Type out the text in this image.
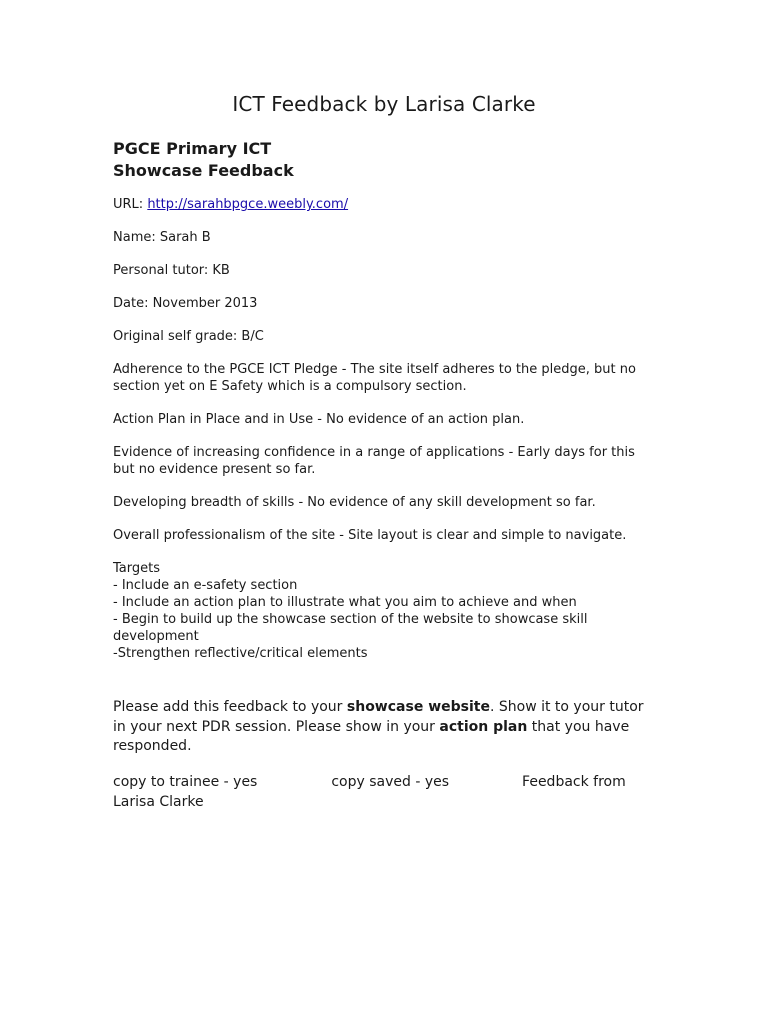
ICT Feedback by Larisa Clarke
PGCE Primary ICT
Showcase Feedback

URL: http://sarahbpgce.weebly.com/

Name: Sarah B

Personal tutor: KB

Date: November 2013

Original self grade: B/C

Adherence to the PGCE ICT Pledge - The site itself adheres to the pledge, but no section yet on E Safety which is a compulsory section.

Action Plan in Place and in Use - No evidence of an action plan.

Evidence of increasing confidence in a range of applications - Early days for this but no evidence present so far.

Developing breadth of skills - No evidence of any skill development so far.

Overall professionalism of the site - Site layout is clear and simple to navigate.

Targets
- Include an e-safety section
- Include an action plan to illustrate what you aim to achieve and when
- Begin to build up the showcase section of the website to showcase skill development
-Strengthen reflective/critical elements

Please add this feedback to your showcase website. Show it to your tutor in your next PDR session. Please show in your action plan that you have responded.

copy to trainee - yes	copy saved - yes	Feedback from Larisa Clarke
